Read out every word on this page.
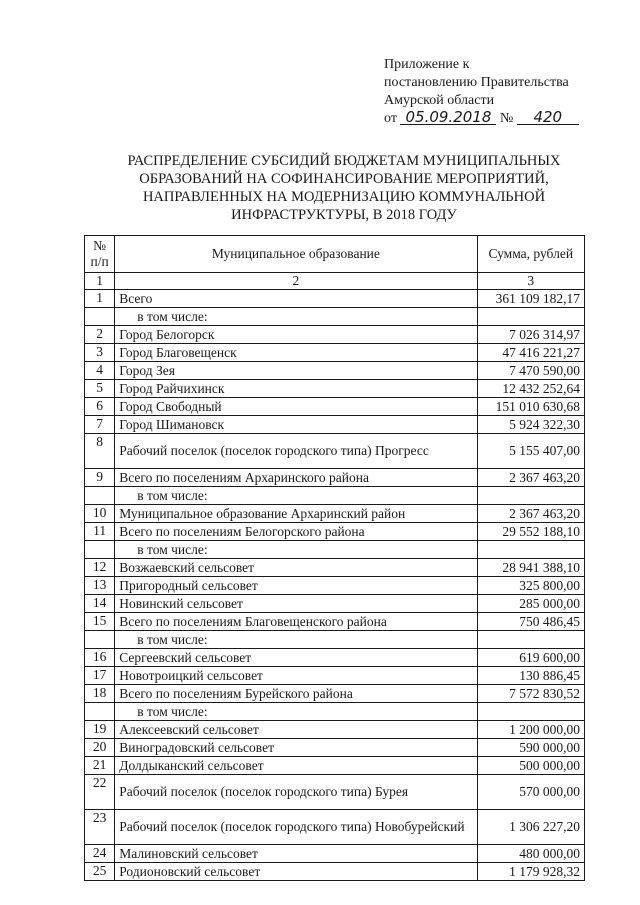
Приложение к
постановлению Правительства
Амурской области
от 05.09.2018 № 420
РАСПРЕДЕЛЕНИЕ СУБСИДИЙ БЮДЖЕТАМ МУНИЦИПАЛЬНЫХ ОБРАЗОВАНИЙ НА СОФИНАНСИРОВАНИЕ МЕРОПРИЯТИЙ, НАПРАВЛЕННЫХ НА МОДЕРНИЗАЦИЮ КОММУНАЛЬНОЙ ИНФРАСТРУКТУРЫ, В 2018 ГОДУ
№ п/п	Муниципальное образование	Сумма, рублей
1	2	3
1	Всего	361 109 182,17
	в том числе:	
2	Город Белогорск	7 026 314,97
3	Город Благовещенск	47 416 221,27
4	Город Зея	7 470 590,00
5	Город Райчихинск	12 432 252,64
6	Город Свободный	151 010 630,68
7	Город Шимановск	5 924 322,30
8	Рабочий поселок (поселок городского типа) Прогресс	5 155 407,00
9	Всего по поселениям Архаринского района	2 367 463,20
	в том числе:	
10	Муниципальное образование Архаринский район	2 367 463,20
11	Всего по поселениям Белогорского района	29 552 188,10
	в том числе:	
12	Возжаевский сельсовет	28 941 388,10
13	Пригородный сельсовет	325 800,00
14	Новинский сельсовет	285 000,00
15	Всего по поселениям Благовещенского района	750 486,45
	в том числе:	
16	Сергеевский сельсовет	619 600,00
17	Новотроицкий сельсовет	130 886,45
18	Всего по поселениям Бурейского района	7 572 830,52
	в том числе:	
19	Алексеевский сельсовет	1 200 000,00
20	Виноградовский сельсовет	590 000,00
21	Долдыканский сельсовет	500 000,00
22	Рабочий поселок (поселок городского типа) Бурея	570 000,00
23	Рабочий поселок (поселок городского типа) Новобурейский	1 306 227,20
24	Малиновский сельсовет	480 000,00
25	Родионовский сельсовет	1 179 928,32
